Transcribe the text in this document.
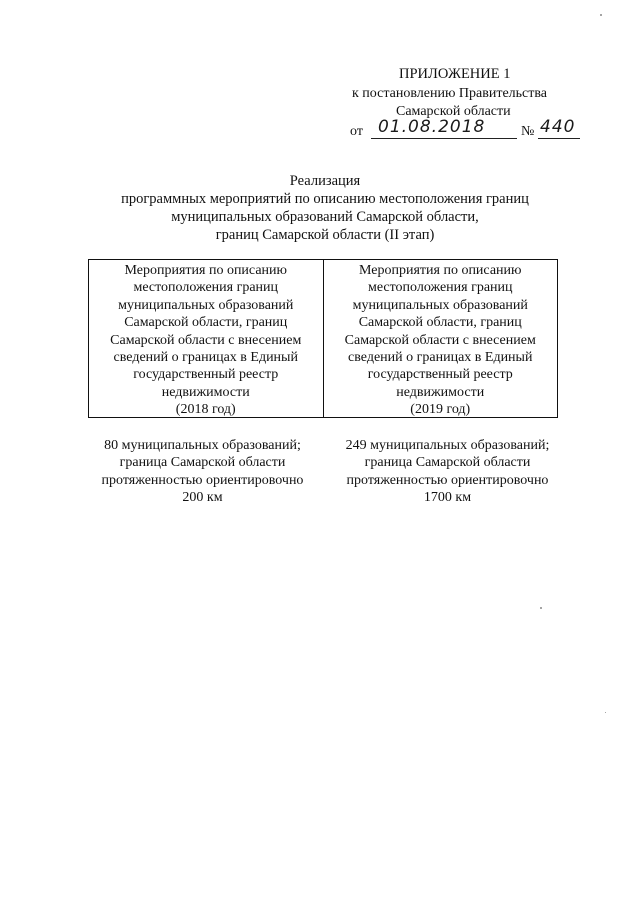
ПРИЛОЖЕНИЕ 1
к постановлению Правительства
Самарской области
от 01.08.2018	№ 440
Реализация
программных мероприятий по описанию местоположения границ
муниципальных образований Самарской области,
границ Самарской области (II этап)
Мероприятия по описанию
местоположения границ
муниципальных образований
Самарской области, границ
Самарской области с внесением
сведений о границах в Единый
государственный реестр
недвижимости
(2018 год)
Мероприятия по описанию
местоположения границ
муниципальных образований
Самарской области, границ
Самарской области с внесением
сведений о границах в Единый
государственный реестр
недвижимости
(2019 год)
80 муниципальных образований;
граница Самарской области
протяженностью ориентировочно
200 км
249 муниципальных образований;
граница Самарской области
протяженностью ориентировочно
1700 км
